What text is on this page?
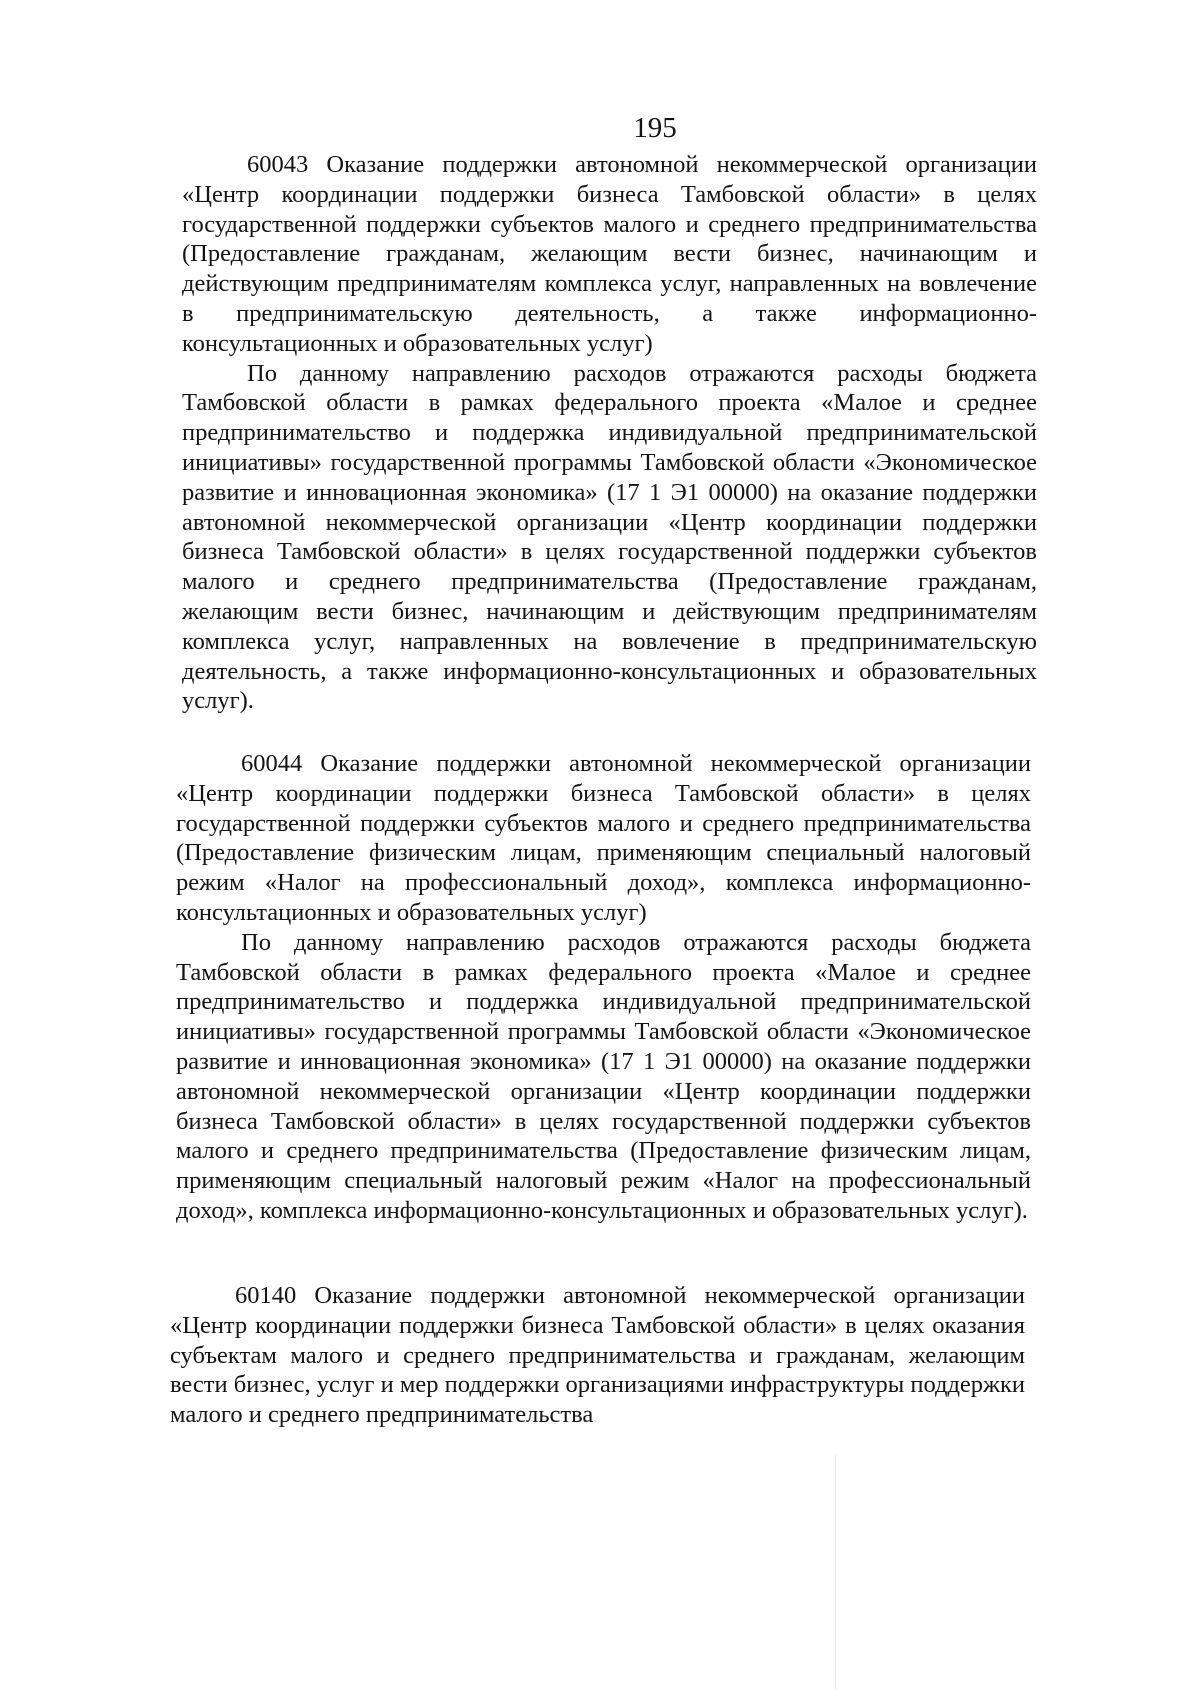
195

60043 Оказание поддержки автономной некоммерческой организации «Центр координации поддержки бизнеса Тамбовской области» в целях государственной поддержки субъектов малого и среднего предпринимательства (Предоставление гражданам, желающим вести бизнес, начинающим и действующим предпринимателям комплекса услуг, направленных на вовлечение в предпринимательскую деятельность, а также информационно-консультационных и образовательных услуг)

По данному направлению расходов отражаются расходы бюджета Тамбовской области в рамках федерального проекта «Малое и среднее предпринимательство и поддержка индивидуальной предпринимательской инициативы» государственной программы Тамбовской области «Экономическое развитие и инновационная экономика» (17 1 Э1 00000) на оказание поддержки автономной некоммерческой организации «Центр координации поддержки бизнеса Тамбовской области» в целях государственной поддержки субъектов малого и среднего предпринимательства (Предоставление гражданам, желающим вести бизнес, начинающим и действующим предпринимателям комплекса услуг, направленных на вовлечение в предпринимательскую деятельность, а также информационно-консультационных и образовательных услуг).

60044 Оказание поддержки автономной некоммерческой организации «Центр координации поддержки бизнеса Тамбовской области» в целях государственной поддержки субъектов малого и среднего предпринимательства (Предоставление физическим лицам, применяющим специальный налоговый режим «Налог на профессиональный доход», комплекса информационно-консультационных и образовательных услуг)

По данному направлению расходов отражаются расходы бюджета Тамбовской области в рамках федерального проекта «Малое и среднее предпринимательство и поддержка индивидуальной предпринимательской инициативы» государственной программы Тамбовской области «Экономическое развитие и инновационная экономика» (17 1 Э1 00000) на оказание поддержки автономной некоммерческой организации «Центр координации поддержки бизнеса Тамбовской области» в целях государственной поддержки субъектов малого и среднего предпринимательства (Предоставление физическим лицам, применяющим специальный налоговый режим «Налог на профессиональный доход», комплекса информационно-консультационных и образовательных услуг).

60140 Оказание поддержки автономной некоммерческой организации «Центр координации поддержки бизнеса Тамбовской области» в целях оказания субъектам малого и среднего предпринимательства и гражданам, желающим вести бизнес, услуг и мер поддержки организациями инфраструктуры поддержки малого и среднего предпринимательства
